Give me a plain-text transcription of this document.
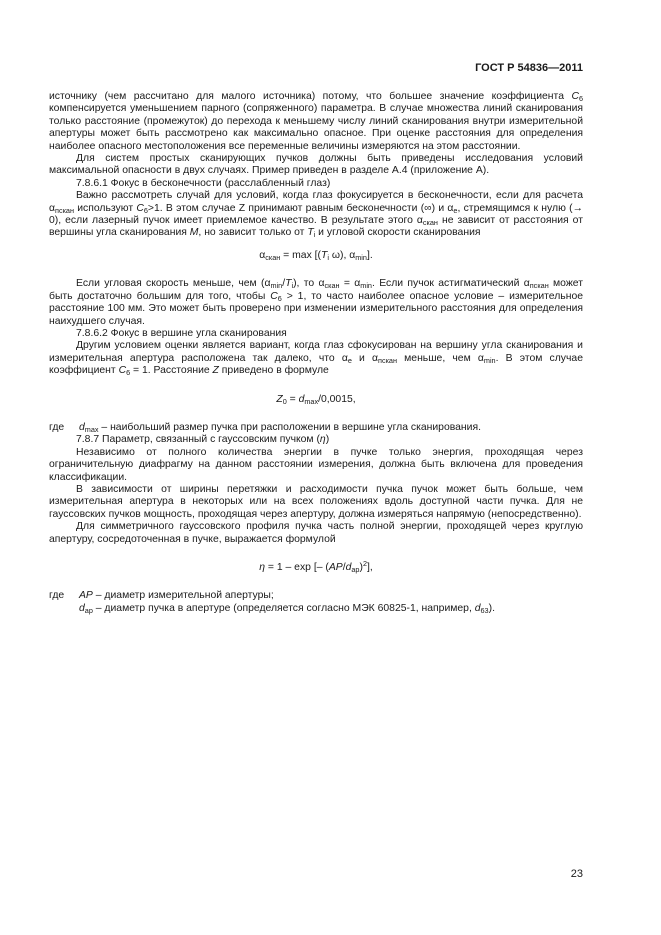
ГОСТ Р 54836—2011

источнику (чем рассчитано для малого источника) потому, что большее значение коэффициента $C_6$ компенсируется уменьшением парного (сопряженного) параметра. В случае множества линий сканирования только расстояние (промежуток) до перехода к меньшему числу линий сканирования внутри измерительной апертуры может быть рассмотрено как максимально опасное. При оценке расстояния для определения наиболее опасного местоположения все переменные величины измеряются на этом расстоянии.

Для систем простых сканирующих пучков должны быть приведены исследования условий максимальной опасности в двух случаях. Пример приведен в разделе А.4 (приложение А).

7.8.6.1 Фокус в бесконечности (расслабленный глаз)

Важно рассмотреть случай для условий, когда глаз фокусируется в бесконечности, если для расчета $\alpha_{пскан}$ используют $C_6>1$. В этом случае Z принимают равным бесконечности (∞) и $\alpha_е$, стремящимся к нулю (→ 0), если лазерный пучок имеет приемлемое качество. В результате этого $\alpha_{скан}$ не зависит от расстояния от вершины угла сканирования M, но зависит только от $T_i$ и угловой скорости сканирования

$\alpha_{скан} = \max [(T_i$ ω), $\alpha_{min}$].

Если угловая скорость меньше, чем $(\alpha_{min}/T_i)$, то $\alpha_{скан} = \alpha_{min}$. Если пучок астигматический $\alpha_{пскан}$ может быть достаточно большим для того, чтобы $C_6 > 1$, то часто наиболее опасное условие – измерительное расстояние 100 мм. Это может быть проверено при изменении измерительного расстояния для определения наихудшего случая.

7.8.6.2 Фокус в вершине угла сканирования

Другим условием оценки является вариант, когда глаз сфокусирован на вершину угла сканирования и измерительная апертура расположена так далеко, что $\alpha_е$ и $\alpha_{пскан}$ меньше, чем $\alpha_{min}$. В этом случае коэффициент $C_6 = 1$. Расстояние Z приведено в формуле

$Z_0 = d_{max}/0,0015$,

где $d_{max}$ – наибольший размер пучка при расположении в вершине угла сканирования.

7.8.7 Параметр, связанный с гауссовским пучком (η)

Независимо от полного количества энергии в пучке только энергия, проходящая через ограничительную диафрагму на данном расстоянии измерения, должна быть включена для проведения классификации.

В зависимости от ширины перетяжки и расходимости пучка пучок может быть больше, чем измерительная апертура в некоторых или на всех положениях вдоль доступной части пучка. Для не гауссовских пучков мощность, проходящая через апертуру, должна измеряться напрямую (непосредственно).

Для симметричного гауссовского профиля пучка часть полной энергии, проходящей через круглую апертуру, сосредоточенная в пучке, выражается формулой

η = 1 – exp [– $(AP/d_{ap})^2$],

где AP – диаметр измерительной апертуры;

$d_{ap}$ – диаметр пучка в апертуре (определяется согласно МЭК 60825-1, например, $d_{63}$).

23
